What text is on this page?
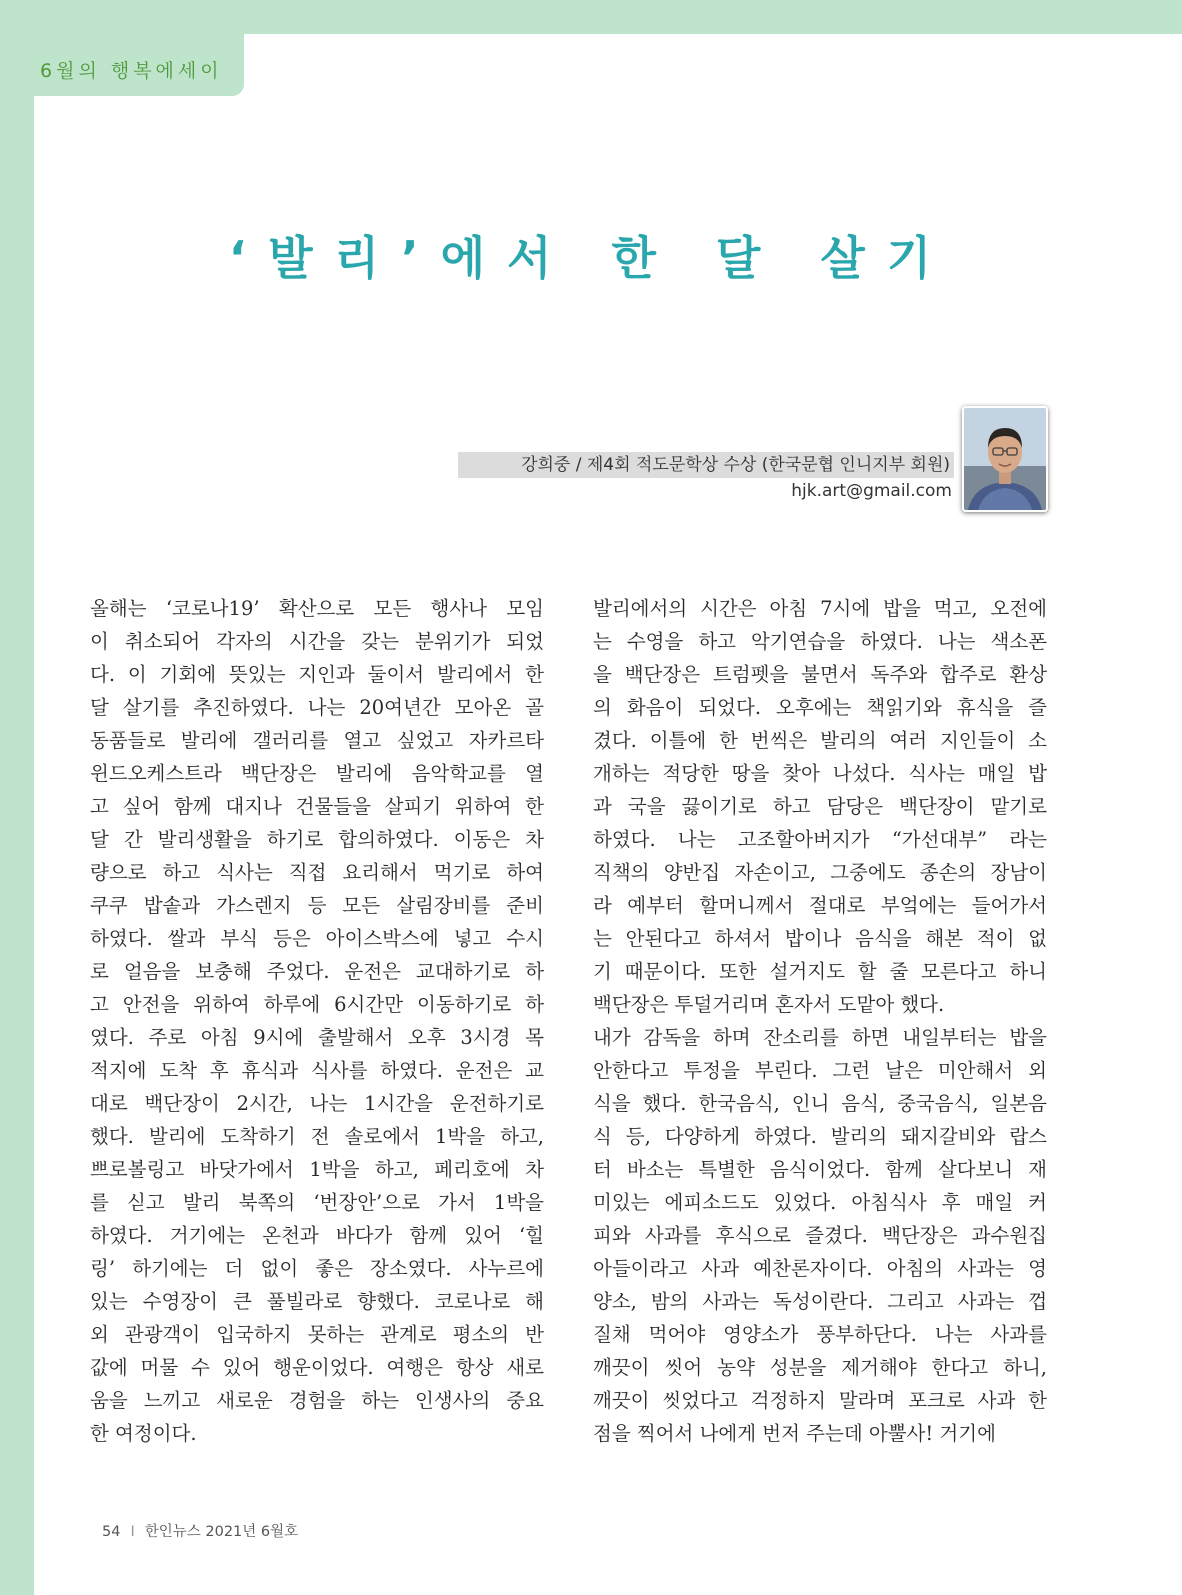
6월의 행복에세이
‘발리’에서 한 달 살기
강희중 / 제4회 적도문학상 수상 (한국문협 인니지부 회원)
hjk.art@gmail.com
올해는 ‘코로나19’ 확산으로 모든 행사나 모임
이 취소되어 각자의 시간을 갖는 분위기가 되었
다. 이 기회에 뜻있는 지인과 둘이서 발리에서 한
달 살기를 추진하였다. 나는 20여년간 모아온 골
동품들로 발리에 갤러리를 열고 싶었고 자카르타
윈드오케스트라 백단장은 발리에 음악학교를 열
고 싶어 함께 대지나 건물들을 살피기 위하여 한
달 간 발리생활을 하기로 합의하였다. 이동은 차
량으로 하고 식사는 직접 요리해서 먹기로 하여
쿠쿠 밥솥과 가스렌지 등 모든 살림장비를 준비
하였다. 쌀과 부식 등은 아이스박스에 넣고 수시
로 얼음을 보충해 주었다. 운전은 교대하기로 하
고 안전을 위하여 하루에 6시간만 이동하기로 하
였다. 주로 아침 9시에 출발해서 오후 3시경 목
적지에 도착 후 휴식과 식사를 하였다. 운전은 교
대로 백단장이 2시간, 나는 1시간을 운전하기로
했다. 발리에 도착하기 전 솔로에서 1박을 하고,
쁘로볼링고 바닷가에서 1박을 하고, 페리호에 차
를 싣고 발리 북쪽의 ‘번장안’으로 가서 1박을
하였다. 거기에는 온천과 바다가 함께 있어 ‘힐
링’ 하기에는 더 없이 좋은 장소였다. 사누르에
있는 수영장이 큰 풀빌라로 향했다. 코로나로 해
외 관광객이 입국하지 못하는 관계로 평소의 반
값에 머물 수 있어 행운이었다. 여행은 항상 새로
움을 느끼고 새로운 경험을 하는 인생사의 중요
한 여정이다.
발리에서의 시간은 아침 7시에 밥을 먹고, 오전에
는 수영을 하고 악기연습을 하였다. 나는 색소폰
을 백단장은 트럼펫을 불면서 독주와 합주로 환상
의 화음이 되었다. 오후에는 책읽기와 휴식을 즐
겼다. 이틀에 한 번씩은 발리의 여러 지인들이 소
개하는 적당한 땅을 찾아 나섰다. 식사는 매일 밥
과 국을 끓이기로 하고 담당은 백단장이 맡기로
하였다. 나는 고조할아버지가 “가선대부” 라는
직책의 양반집 자손이고, 그중에도 종손의 장남이
라 예부터 할머니께서 절대로 부엌에는 들어가서
는 안된다고 하셔서 밥이나 음식을 해본 적이 없
기 때문이다. 또한 설거지도 할 줄 모른다고 하니
백단장은 투덜거리며 혼자서 도맡아 했다.
내가 감독을 하며 잔소리를 하면 내일부터는 밥을
안한다고 투정을 부린다. 그런 날은 미안해서 외
식을 했다. 한국음식, 인니 음식, 중국음식, 일본음
식 등, 다양하게 하였다. 발리의 돼지갈비와 랍스
터 바소는 특별한 음식이었다. 함께 살다보니 재
미있는 에피소드도 있었다. 아침식사 후 매일 커
피와 사과를 후식으로 즐겼다. 백단장은 과수원집
아들이라고 사과 예찬론자이다. 아침의 사과는 영
양소, 밤의 사과는 독성이란다. 그리고 사과는 껍
질채 먹어야 영양소가 풍부하단다. 나는 사과를
깨끗이 씻어 농약 성분을 제거해야 한다고 하니,
깨끗이 씻었다고 걱정하지 말라며 포크로 사과 한
점을 찍어서 나에게 번저 주는데 아뿔사! 거기에
54 I 한인뉴스 2021년 6월호
